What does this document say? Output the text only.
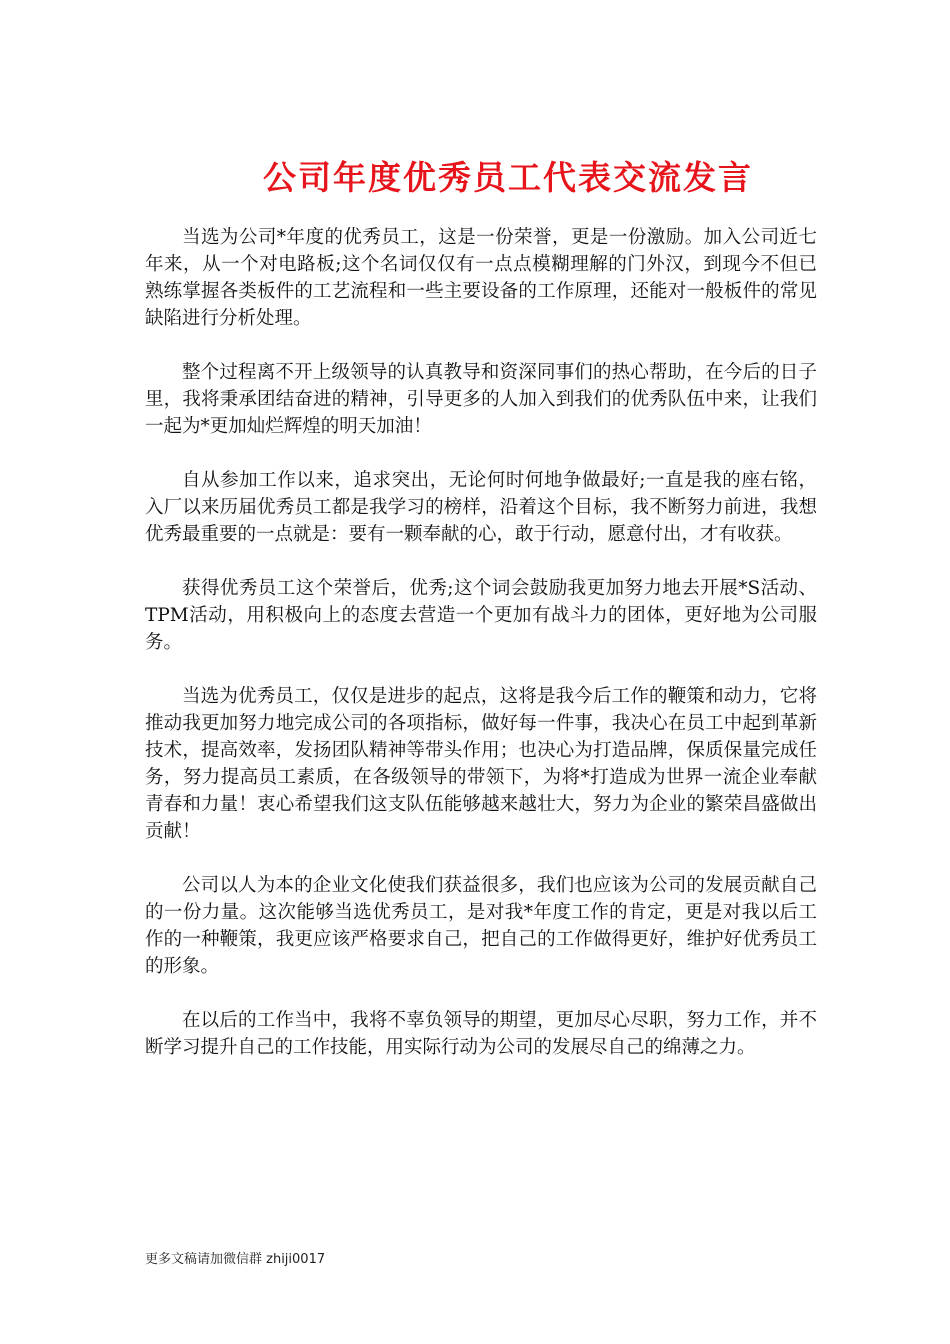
公司年度优秀员工代表交流发言

当选为公司*年度的优秀员工，这是一份荣誉，更是一份激励。加入公司近七年来，从一个对电路板;这个名词仅仅有一点点模糊理解的门外汉，到现今不但已熟练掌握各类板件的工艺流程和一些主要设备的工作原理，还能对一般板件的常见缺陷进行分析处理。

整个过程离不开上级领导的认真教导和资深同事们的热心帮助，在今后的日子里，我将秉承团结奋进的精神，引导更多的人加入到我们的优秀队伍中来，让我们一起为*更加灿烂辉煌的明天加油！

自从参加工作以来，追求突出，无论何时何地争做最好;一直是我的座右铭，入厂以来历届优秀员工都是我学习的榜样，沿着这个目标，我不断努力前进，我想优秀最重要的一点就是：要有一颗奉献的心，敢于行动，愿意付出，才有收获。

获得优秀员工这个荣誉后，优秀;这个词会鼓励我更加努力地去开展*S活动、TPM活动，用积极向上的态度去营造一个更加有战斗力的团体，更好地为公司服务。

当选为优秀员工，仅仅是进步的起点，这将是我今后工作的鞭策和动力，它将推动我更加努力地完成公司的各项指标，做好每一件事，我决心在员工中起到革新技术，提高效率，发扬团队精神等带头作用；也决心为打造品牌，保质保量完成任务，努力提高员工素质，在各级领导的带领下，为将*打造成为世界一流企业奉献青春和力量！衷心希望我们这支队伍能够越来越壮大，努力为企业的繁荣昌盛做出贡献！

公司以人为本的企业文化使我们获益很多，我们也应该为公司的发展贡献自己的一份力量。这次能够当选优秀员工，是对我*年度工作的肯定，更是对我以后工作的一种鞭策，我更应该严格要求自己，把自己的工作做得更好，维护好优秀员工的形象。

在以后的工作当中，我将不辜负领导的期望，更加尽心尽职，努力工作，并不断学习提升自己的工作技能，用实际行动为公司的发展尽自己的绵薄之力。

更多文稿请加微信群 zhiji0017
